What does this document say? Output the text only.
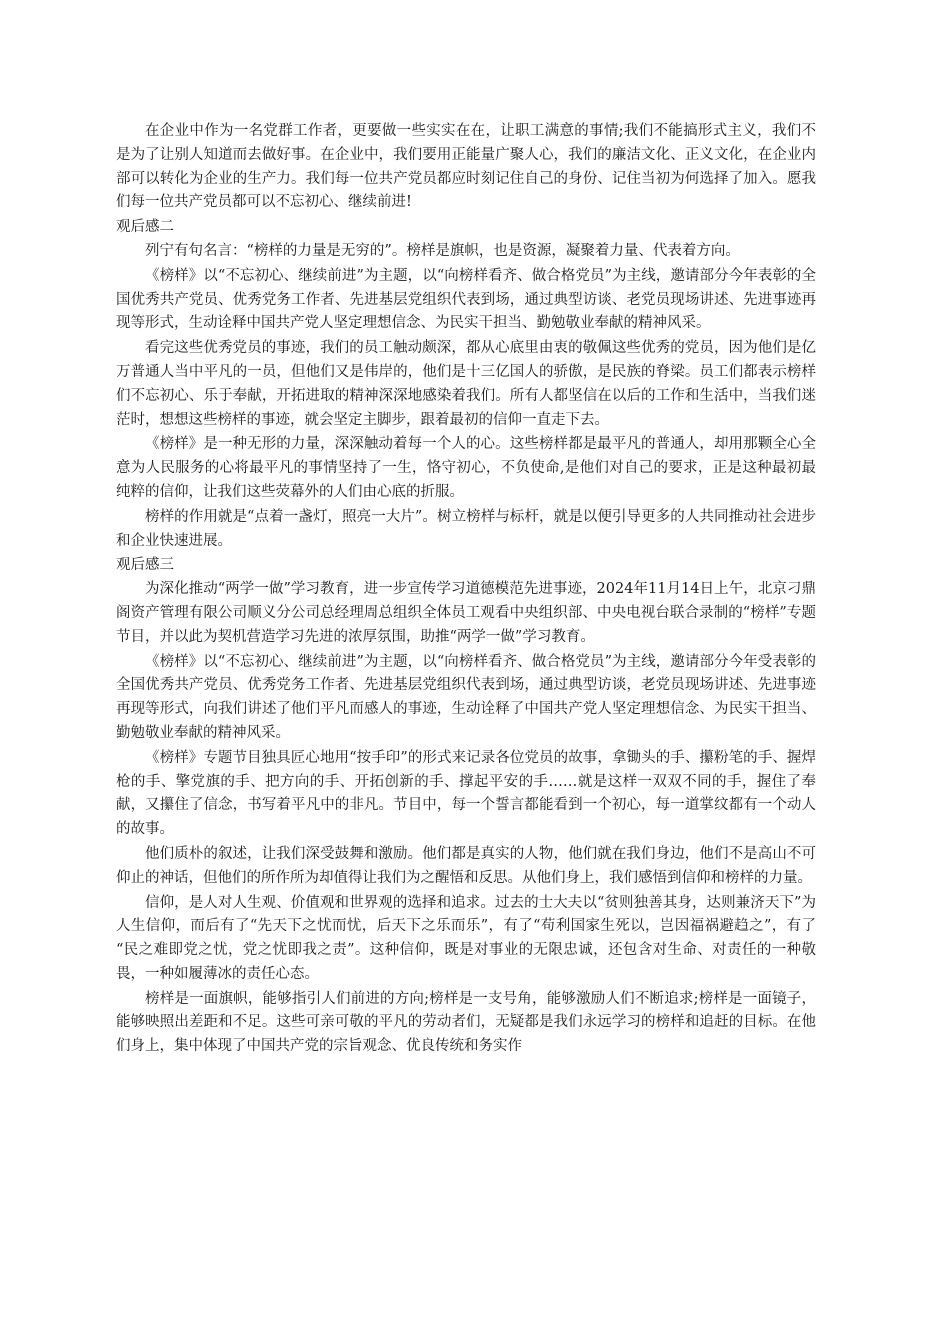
在企业中作为一名党群工作者，更要做一些实实在在，让职工满意的事情;我们不能搞形式主义，我们不是为了让别人知道而去做好事。在企业中，我们要用正能量广聚人心，我们的廉洁文化、正义文化，在企业内部可以转化为企业的生产力。我们每一位共产党员都应时刻记住自己的身份、记住当初为何选择了加入。愿我们每一位共产党员都可以不忘初心、继续前进!

观后感二

列宁有句名言：“榜样的力量是无穷的”。榜样是旗帜，也是资源，凝聚着力量、代表着方向。

《榜样》以“不忘初心、继续前进”为主题，以“向榜样看齐、做合格党员”为主线，邀请部分今年表彰的全国优秀共产党员、优秀党务工作者、先进基层党组织代表到场，通过典型访谈、老党员现场讲述、先进事迹再现等形式，生动诠释中国共产党人坚定理想信念、为民实干担当、勤勉敬业奉献的精神风采。

看完这些优秀党员的事迹，我们的员工触动颇深，都从心底里由衷的敬佩这些优秀的党员，因为他们是亿万普通人当中平凡的一员，但他们又是伟岸的，他们是十三亿国人的骄傲，是民族的脊梁。员工们都表示榜样们不忘初心、乐于奉献，开拓进取的精神深深地感染着我们。所有人都坚信在以后的工作和生活中，当我们迷茫时，想想这些榜样的事迹，就会坚定主脚步，跟着最初的信仰一直走下去。

《榜样》是一种无形的力量，深深触动着每一个人的心。这些榜样都是最平凡的普通人，却用那颗全心全意为人民服务的心将最平凡的事情坚持了一生，恪守初心，不负使命,是他们对自己的要求，正是这种最初最纯粹的信仰，让我们这些荧幕外的人们由心底的折服。

榜样的作用就是“点着一盏灯，照亮一大片”。树立榜样与标杆，就是以便引导更多的人共同推动社会进步和企业快速进展。

观后感三

为深化推动“两学一做”学习教育，进一步宣传学习道德模范先进事迹，2024年11月14日上午，北京刁鼎阁资产管理有限公司顺义分公司总经理周总组织全体员工观看中央组织部、中央电视台联合录制的“榜样”专题节目，并以此为契机营造学习先进的浓厚氛围，助推“两学一做”学习教育。

《榜样》以“不忘初心、继续前进”为主题，以“向榜样看齐、做合格党员”为主线，邀请部分今年受表彰的全国优秀共产党员、优秀党务工作者、先进基层党组织代表到场，通过典型访谈，老党员现场讲述、先进事迹再现等形式，向我们讲述了他们平凡而感人的事迹，生动诠释了中国共产党人坚定理想信念、为民实干担当、勤勉敬业奉献的精神风采。

《榜样》专题节目独具匠心地用“按手印”的形式来记录各位党员的故事，拿锄头的手、攥粉笔的手、握焊枪的手、擎党旗的手、把方向的手、开拓创新的手、撑起平安的手……就是这样一双双不同的手，握住了奉献，又攥住了信念，书写着平凡中的非凡。节目中，每一个誓言都能看到一个初心，每一道掌纹都有一个动人的故事。

他们质朴的叙述，让我们深受鼓舞和激励。他们都是真实的人物，他们就在我们身边，他们不是高山不可仰止的神话，但他们的所作所为却值得让我们为之醒悟和反思。从他们身上，我们感悟到信仰和榜样的力量。

信仰，是人对人生观、价值观和世界观的选择和追求。过去的士大夫以“贫则独善其身，达则兼济天下”为人生信仰，而后有了“先天下之忧而忧，后天下之乐而乐”，有了“苟利国家生死以，岂因福祸避趋之”，有了 “民之难即党之忧，党之忧即我之责”。这种信仰，既是对事业的无限忠诚，还包含对生命、对责任的一种敬畏，一种如履薄冰的责任心态。

榜样是一面旗帜，能够指引人们前进的方向;榜样是一支号角，能够激励人们不断追求;榜样是一面镜子，能够映照出差距和不足。这些可亲可敬的平凡的劳动者们，无疑都是我们永远学习的榜样和追赶的目标。在他们身上，集中体现了中国共产党的宗旨观念、优良传统和务实作
